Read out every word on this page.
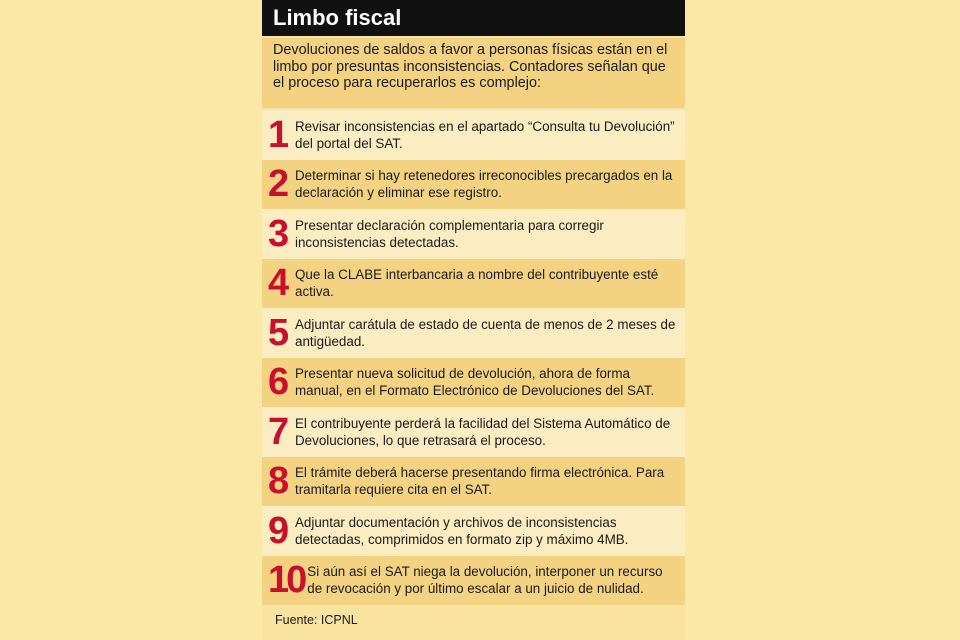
Limbo fiscal
Devoluciones de saldos a favor a personas físicas están en el limbo por presuntas inconsistencias. Contadores señalan que el proceso para recuperarlos es complejo:
1 Revisar inconsistencias en el apartado “Consulta tu Devolución” del portal del SAT.
2 Determinar si hay retenedores irreconocibles precargados en la declaración y eliminar ese registro.
3 Presentar declaración complementaria para corregir inconsistencias detectadas.
4 Que la CLABE interbancaria a nombre del contribuyente esté activa.
5 Adjuntar carátula de estado de cuenta de menos de 2 meses de antigüedad.
6 Presentar nueva solicitud de devolución, ahora de forma manual, en el Formato Electrónico de Devoluciones del SAT.
7 El contribuyente perderá la facilidad del Sistema Automático de Devoluciones, lo que retrasará el proceso.
8 El trámite deberá hacerse presentando firma electrónica. Para tramitarla requiere cita en el SAT.
9 Adjuntar documentación y archivos de inconsistencias detectadas, comprimidos en formato zip y máximo 4MB.
10 Si aún así el SAT niega la devolución, interponer un recurso de revocación y por último escalar a un juicio de nulidad.
Fuente: ICPNL
